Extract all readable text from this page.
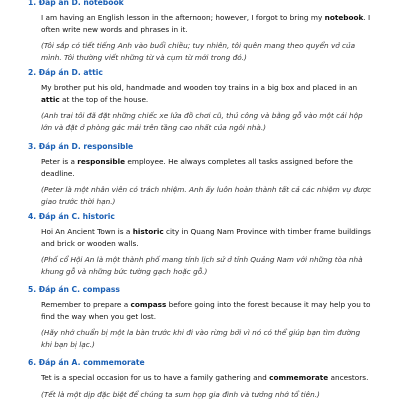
1. Đáp án D. notebook

I am having an English lesson in the afternoon; however, I forgot to bring my notebook. I often write new words and phrases in it.

(Tôi sắp có tiết tiếng Anh vào buổi chiều; tuy nhiên, tôi quên mang theo quyển vở của mình. Tôi thường viết những từ và cụm từ mới trong đó.)

2. Đáp án D. attic

My brother put his old, handmade and wooden toy trains in a big box and placed in an attic at the top of the house.

(Anh trai tôi đã đặt những chiếc xe lửa đồ chơi cũ, thủ công và bằng gỗ vào một cái hộp lớn và đặt ở phòng gác mái trên tầng cao nhất của ngôi nhà.)

3. Đáp án D. responsible

Peter is a responsible employee. He always completes all tasks assigned before the deadline.

(Peter là một nhân viên có trách nhiệm. Anh ấy luôn hoàn thành tất cả các nhiệm vụ được giao trước thời hạn.)

4. Đáp án C. historic

Hoi An Ancient Town is a historic city in Quang Nam Province with timber frame buildings and brick or wooden walls.

(Phố cổ Hội An là một thành phố mang tính lịch sử ở tỉnh Quảng Nam với những tòa nhà khung gỗ và những bức tường gạch hoặc gỗ.)

5. Đáp án C. compass

Remember to prepare a compass before going into the forest because it may help you to find the way when you get lost.

(Hãy nhớ chuẩn bị một la bàn trước khi đi vào rừng bởi vì nó có thể giúp bạn tìm đường khi bạn bị lạc.)

6. Đáp án A. commemorate

Tet is a special occasion for us to have a family gathering and commemorate ancestors.

(Tết là một dịp đặc biệt để chúng ta sum họp gia đình và tưởng nhớ tổ tiên.)
